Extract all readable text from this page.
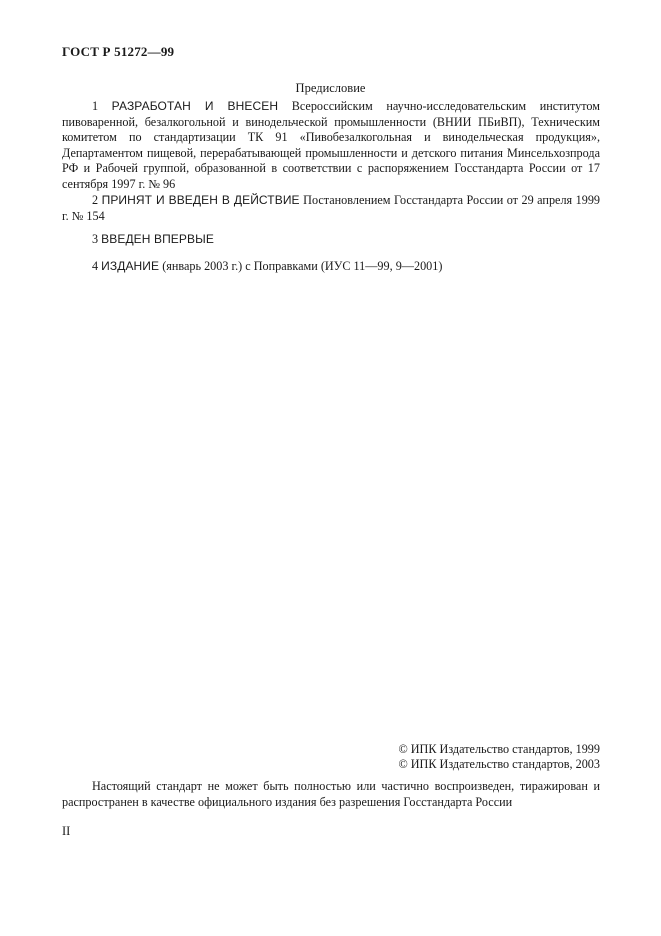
ГОСТ Р 51272—99
Предисловие
1 РАЗРАБОТАН И ВНЕСЕН Всероссийским научно-исследовательским институтом пивоваренной, безалкогольной и винодельческой промышленности (ВНИИ ПБиВП), Техническим комитетом по стандартизации ТК 91 «Пивобезалкогольная и винодельческая продукция», Департаментом пищевой, перерабатывающей промышленности и детского питания Минсельхозпрода РФ и Рабочей группой, образованной в соответствии с распоряжением Госстандарта России от 17 сентября 1997 г. № 96
2 ПРИНЯТ И ВВЕДЕН В ДЕЙСТВИЕ Постановлением Госстандарта России от 29 апреля 1999 г. № 154
3 ВВЕДЕН ВПЕРВЫЕ
4 ИЗДАНИЕ (январь 2003 г.) с Поправками (ИУС 11—99, 9—2001)
© ИПК Издательство стандартов, 1999
© ИПК Издательство стандартов, 2003
Настоящий стандарт не может быть полностью или частично воспроизведен, тиражирован и распространен в качестве официального издания без разрешения Госстандарта России
II
